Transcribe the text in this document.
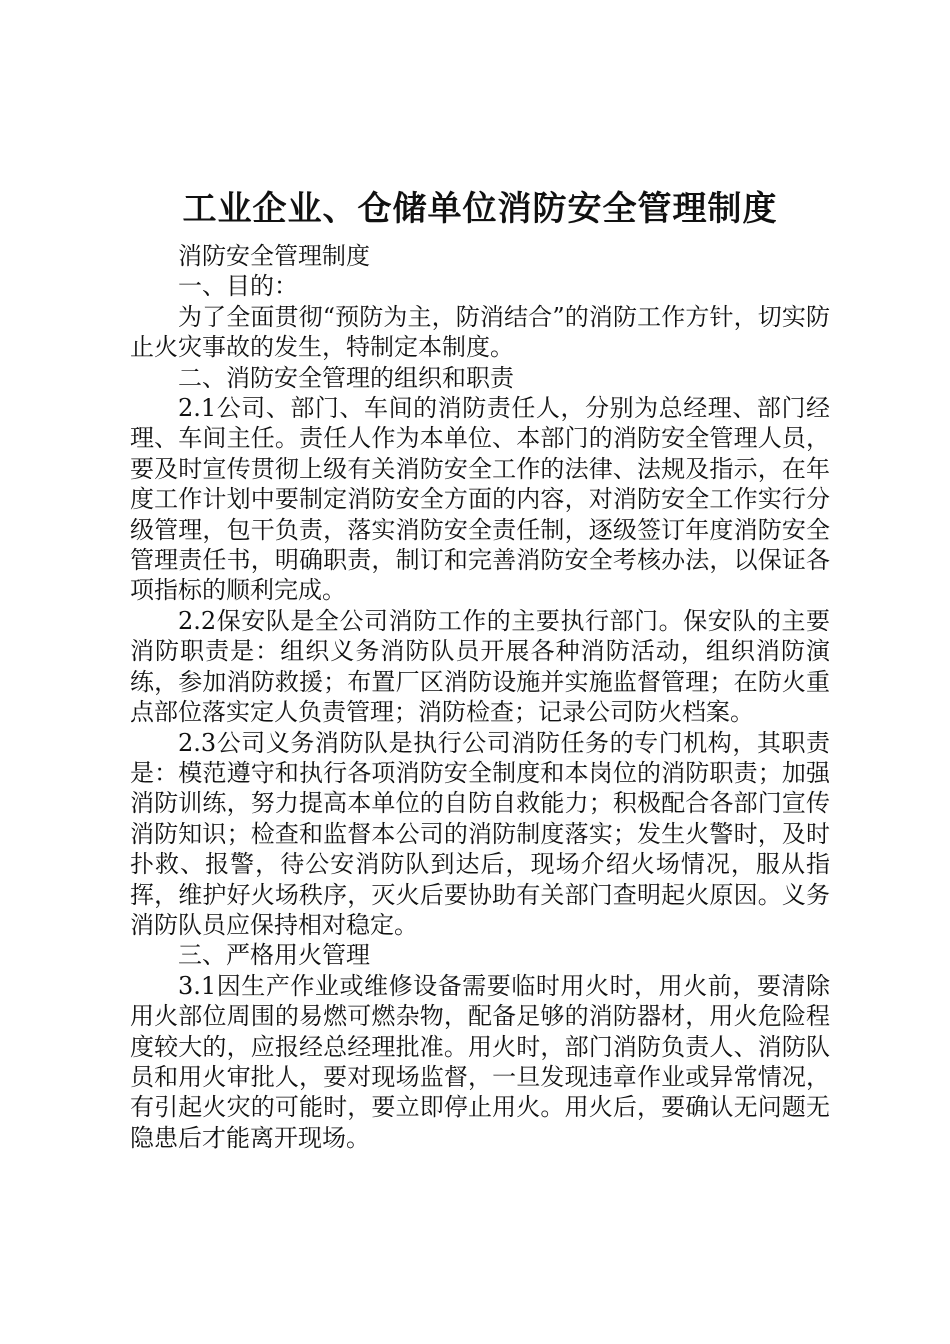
工业企业、仓储单位消防安全管理制度

消防安全管理制度

一、目的：

为了全面贯彻“预防为主，防消结合”的消防工作方针，切实防止火灾事故的发生，特制定本制度。

二、消防安全管理的组织和职责

2.1公司、部门、车间的消防责任人，分别为总经理、部门经理、车间主任。责任人作为本单位、本部门的消防安全管理人员，要及时宣传贯彻上级有关消防安全工作的法律、法规及指示，在年度工作计划中要制定消防安全方面的内容，对消防安全工作实行分级管理，包干负责，落实消防安全责任制，逐级签订年度消防安全管理责任书，明确职责，制订和完善消防安全考核办法，以保证各项指标的顺利完成。

2.2保安队是全公司消防工作的主要执行部门。保安队的主要消防职责是：组织义务消防队员开展各种消防活动，组织消防演练，参加消防救援；布置厂区消防设施并实施监督管理；在防火重点部位落实定人负责管理；消防检查；记录公司防火档案。

2.3公司义务消防队是执行公司消防任务的专门机构，其职责是：模范遵守和执行各项消防安全制度和本岗位的消防职责；加强消防训练，努力提高本单位的自防自救能力；积极配合各部门宣传消防知识；检查和监督本公司的消防制度落实；发生火警时，及时扑救、报警，待公安消防队到达后，现场介绍火场情况，服从指挥，维护好火场秩序，灭火后要协助有关部门查明起火原因。义务消防队员应保持相对稳定。

三、严格用火管理

3.1因生产作业或维修设备需要临时用火时，用火前，要清除用火部位周围的易燃可燃杂物，配备足够的消防器材，用火危险程度较大的，应报经总经理批准。用火时，部门消防负责人、消防队员和用火审批人，要对现场监督，一旦发现违章作业或异常情况，有引起火灾的可能时，要立即停止用火。用火后，要确认无问题无隐患后才能离开现场。
